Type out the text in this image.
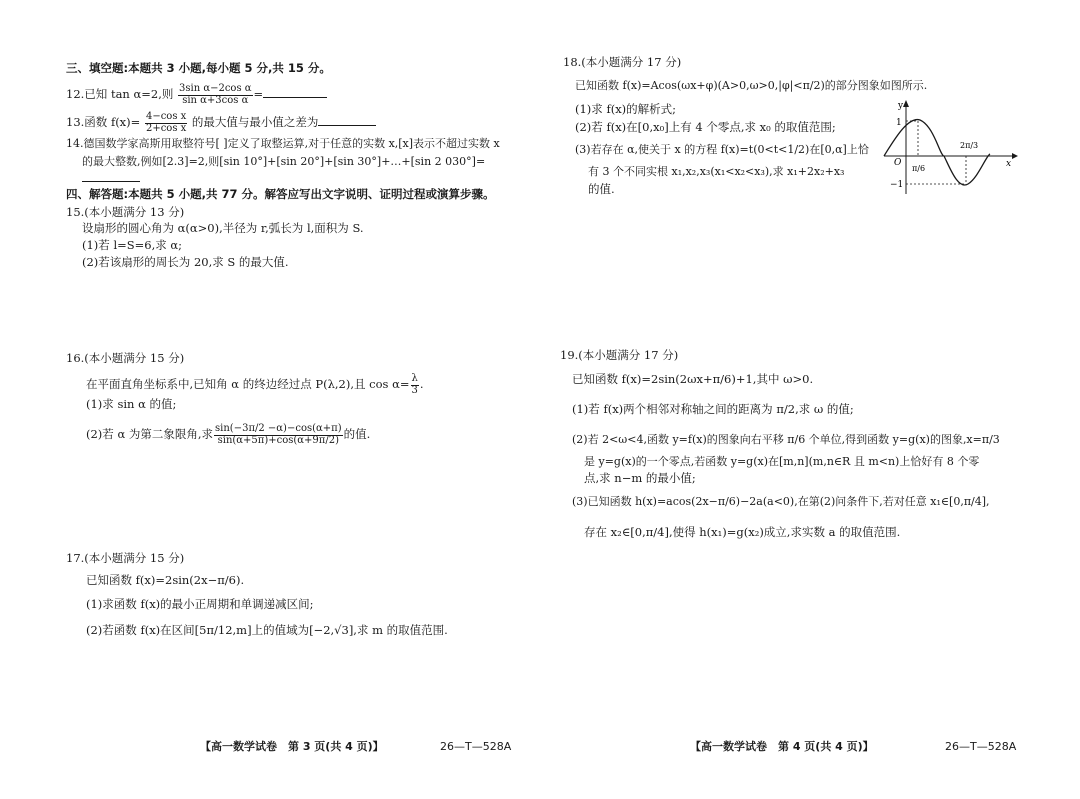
三、填空题:本题共 3 小题,每小题 5 分,共 15 分。
12.已知 tan α=2,则 $\frac{\text{3sin α−2cos α}}{\text{sin α+3cos α}}$ =
13.函数 $f(x)= \frac{\text{4−cos x}}{\text{2+cos x}}$ 的最大值与最小值之差为
14.德国数学家高斯用取整符号[ ]定义了取整运算,对于任意的实数 x,[x]表示不超过实数 x
的最大整数,例如[2.3]=2,则[sin 10°]+[sin 20°]+[sin 30°]+…+[sin 2 030°]=
四、解答题:本题共 5 小题,共 77 分。解答应写出文字说明、证明过程或演算步骤。
15.(本小题满分 13 分)
设扇形的圆心角为 α(α>0),半径为 r,弧长为 l,面积为 S.
(1)若 l=S=6,求 α;
(2)若该扇形的周长为 20,求 S 的最大值.
16.(本小题满分 15 分)
在平面直角坐标系中,已知角 α 的终边经过点 P(λ,2),且 $\cos \alpha= \frac{\lambda}{3}$ .
(1)求 sin α 的值;
(2)若 α 为第二象限角,求 $\frac{\sin(-3\pi/2 -\alpha)-\cos(\alpha+\pi)}{\sin(\alpha+5\pi)+\cos(\alpha+9\pi/2)}$ 的值.
17.(本小题满分 15 分)
已知函数 f(x)=2sin(2x−π/6).
(1)求函数 f(x)的最小正周期和单调递减区间;
(2)若函数 f(x)在区间[5π/12,m]上的值域为[−2,√3],求 m 的取值范围.
【高一数学试卷　第 3 页(共 4 页)】	26—T—528A
18.(本小题满分 17 分)
已知函数 f(x)=Acos(ωx+φ)(A>0,ω>0,|φ|<π/2)的部分图象如图所示.
(1)求 f(x)的解析式;
(2)若 f(x)在[0,x₀]上有 4 个零点,求 x₀ 的取值范围;
(3)若存在 α,使关于 x 的方程 f(x)=t(0<t<1/2)在[0,α]上恰
有 3 个不同实根 x₁,x₂,x₃(x₁<x₂<x₃),求 x₁+2x₂+x₃
的值.
y
x
O
1
−1
π/6
2π/3
19.(本小题满分 17 分)
已知函数 f(x)=2sin(2ωx+π/6)+1,其中 ω>0.
(1)若 f(x)两个相邻对称轴之间的距离为 π/2,求 ω 的值;
(2)若 2<ω<4,函数 y=f(x)的图象向右平移 π/6 个单位,得到函数 y=g(x)的图象,x=π/3
是 y=g(x)的一个零点,若函数 y=g(x)在[m,n](m,n∈R 且 m<n)上恰好有 8 个零
点,求 n−m 的最小值;
(3)已知函数 h(x)=acos(2x−π/6)−2a(a<0),在第(2)问条件下,若对任意 x₁∈[0,π/4],
存在 x₂∈[0,π/4],使得 h(x₁)=g(x₂)成立,求实数 a 的取值范围.
【高一数学试卷　第 4 页(共 4 页)】	26—T—528A
